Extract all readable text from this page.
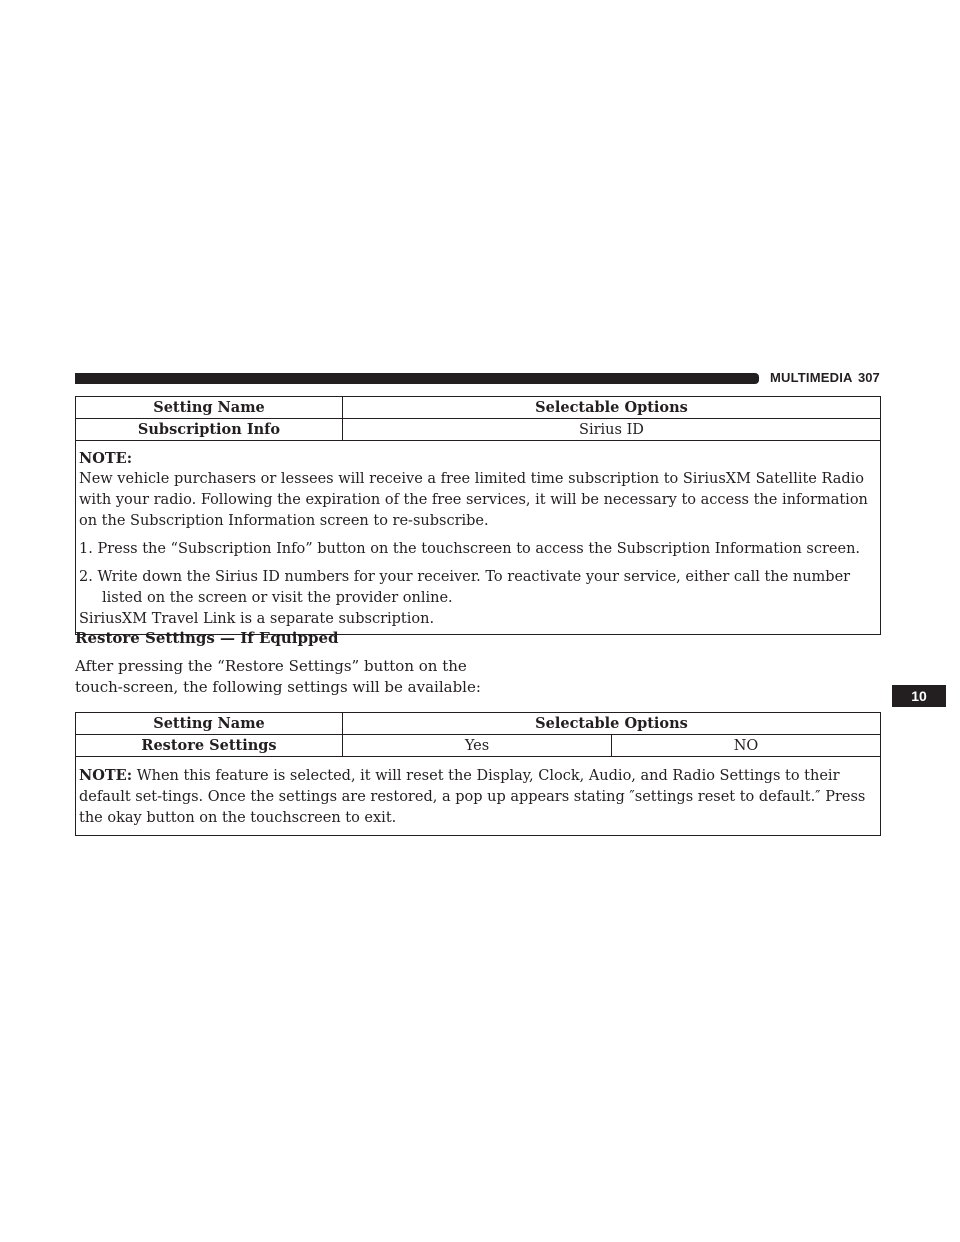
MULTIMEDIA 307
10
Setting Name	Selectable Options
Subscription Info	Sirius ID

NOTE:

New vehicle purchasers or lessees will receive a free limited time subscription to SiriusXM Satellite Radio with your radio. Following the expiration of the free services, it will be necessary to access the information on the Subscription Information screen to re-subscribe.

1. Press the “Subscription Info” button on the touchscreen to access the Subscription Information screen.

2. Write down the Sirius ID numbers for your receiver. To reactivate your service, either call the number listed on the screen or visit the provider online.

SiriusXM Travel Link is a separate subscription.

Restore Settings — If Equipped
After pressing the “Restore Settings” button on the touch-screen, the following settings will be available:
Setting Name	Selectable Options
Restore Settings	Yes	NO
NOTE: When this feature is selected, it will reset the Display, Clock, Audio, and Radio Settings to their default set-tings. Once the settings are restored, a pop up appears stating ″settings reset to default.″ Press the okay button on the touchscreen to exit.
